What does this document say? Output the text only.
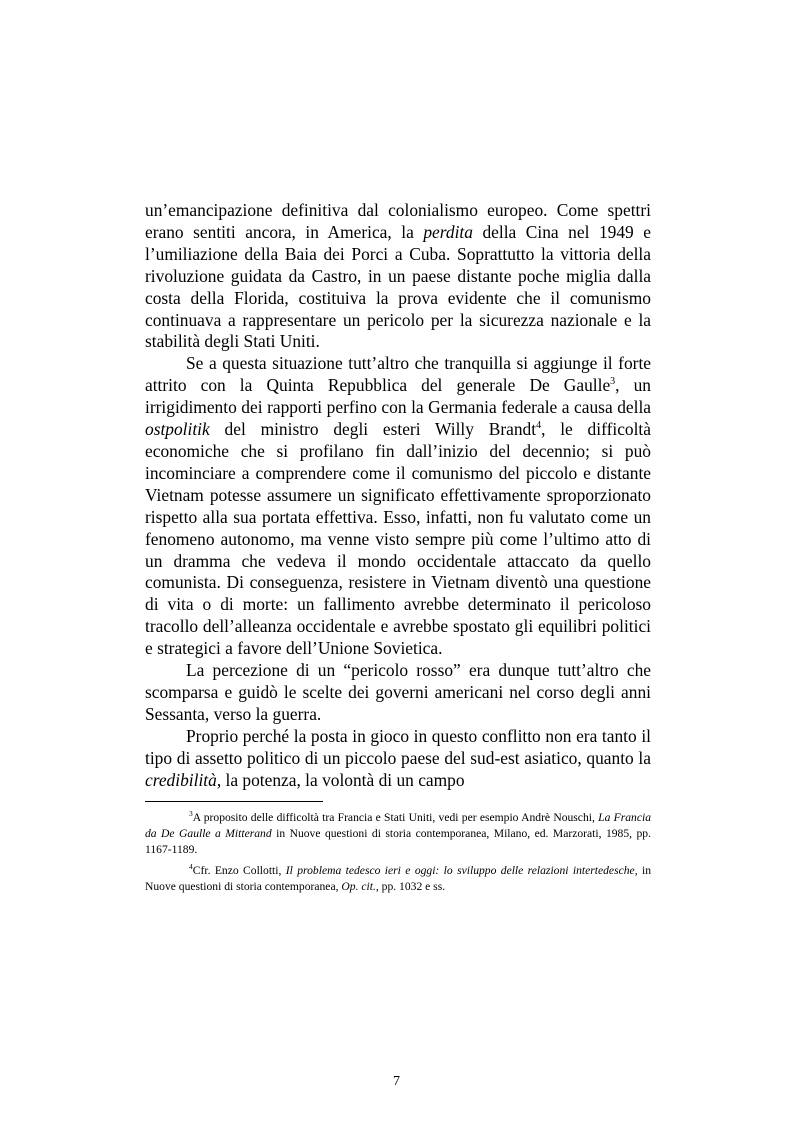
un’emancipazione definitiva dal colonialismo europeo. Come spettri erano sentiti ancora, in America, la perdita della Cina nel 1949 e l’umiliazione della Baia dei Porci a Cuba. Soprattutto la vittoria della rivoluzione guidata da Castro, in un paese distante poche miglia dalla costa della Florida, costituiva la prova evidente che il comunismo continuava a rappresentare un pericolo per la sicurezza nazionale e la stabilità degli Stati Uniti.

Se a questa situazione tutt’altro che tranquilla si aggiunge il forte attrito con la Quinta Repubblica del generale De Gaulle$^3$, un irrigidimento dei rapporti perfino con la Germania federale a causa della ostpolitik del ministro degli esteri Willy Brandt$^4$, le difficoltà economiche che si profilano fin dall’inizio del decennio; si può incominciare a comprendere come il comunismo del piccolo e distante Vietnam potesse assumere un significato effettivamente sproporzionato rispetto alla sua portata effettiva. Esso, infatti, non fu valutato come un fenomeno autonomo, ma venne visto sempre più come l’ultimo atto di un dramma che vedeva il mondo occidentale attaccato da quello comunista. Di conseguenza, resistere in Vietnam diventò una questione di vita o di morte: un fallimento avrebbe determinato il pericoloso tracollo dell’alleanza occidentale e avrebbe spostato gli equilibri politici e strategici a favore dell’Unione Sovietica.

La percezione di un “pericolo rosso” era dunque tutt’altro che scomparsa e guidò le scelte dei governi americani nel corso degli anni Sessanta, verso la guerra.

Proprio perché la posta in gioco in questo conflitto non era tanto il tipo di assetto politico di un piccolo paese del sud-est asiatico, quanto la credibilità, la potenza, la volontà di un campo

$^3$A proposito delle difficoltà tra Francia e Stati Uniti, vedi per esempio Andrè Nouschi, La Francia da De Gaulle a Mitterand in Nuove questioni di storia contemporanea, Milano, ed. Marzorati, 1985, pp. 1167-1189.

$^4$Cfr. Enzo Collotti, Il problema tedesco ieri e oggi: lo sviluppo delle relazioni intertedesche, in Nuove questioni di storia contemporanea, Op. cit., pp. 1032 e ss.

7
